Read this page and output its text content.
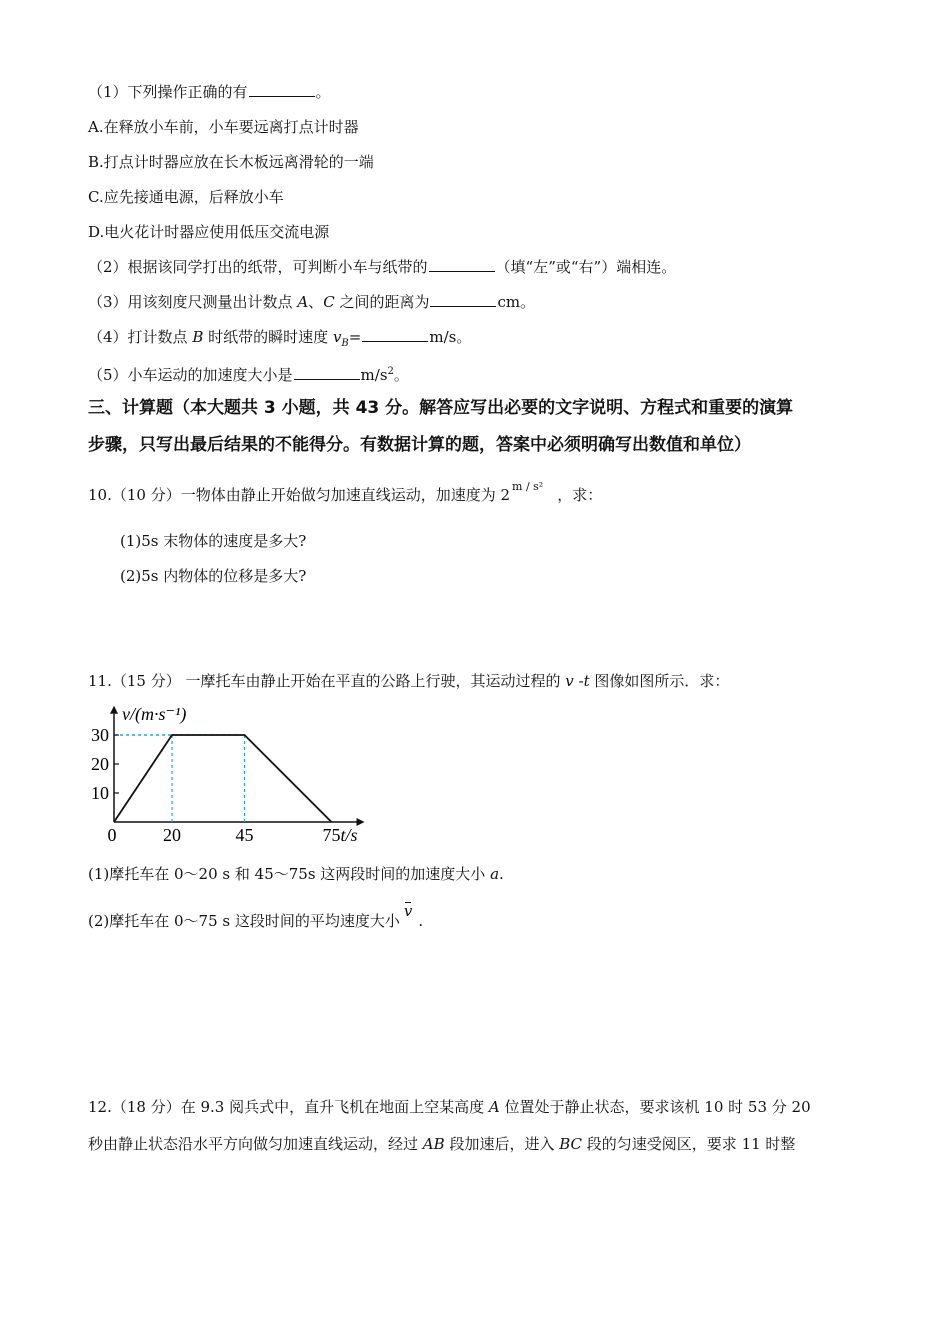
（1）下列操作正确的有	。
A.在释放小车前，小车要远离打点计时器
B.打点计时器应放在长木板远离滑轮的一端
C.应先接通电源，后释放小车
D.电火花计时器应使用低压交流电源
（2）根据该同学打出的纸带，可判断小车与纸带的	（填“左”或“右”）端相连。
（3）用该刻度尺测量出计数点 A、C 之间的距离为	cm。
（4）打计数点 B 时纸带的瞬时速度 $v_B=$	m/s。
（5）小车运动的加速度大小是	$m/s^2$。
三、计算题（本大题共 3 小题，共 43 分。解答应写出必要的文字说明、方程式和重要的演算
步骤，只写出最后结果的不能得分。有数据计算的题，答案中必须明确写出数值和单位）
10.（10 分）一物体由静止开始做匀加速直线运动，加速度为 2 $^{m / s^2}$ ，求：
(1)5s 末物体的速度是多大?
(2)5s 内物体的位移是多大?
11.（15 分） 一摩托车由静止开始在平直的公路上行驶，其运动过程的 v -t 图像如图所示．求：
10
20
30
0	20	45	75
v/(m·s⁻¹)
t/s
(1)摩托车在 0～20 s 和 45～75s 这两段时间的加速度大小 a.
(2)摩托车在 0～75 s 这段时间的平均速度大小v.
12.（18 分）在 9.3 阅兵式中，直升飞机在地面上空某高度 A 位置处于静止状态，要求该机 10 时 53 分 20
秒由静止状态沿水平方向做匀加速直线运动，经过 AB 段加速后，进入 BC 段的匀速受阅区，要求 11 时整
